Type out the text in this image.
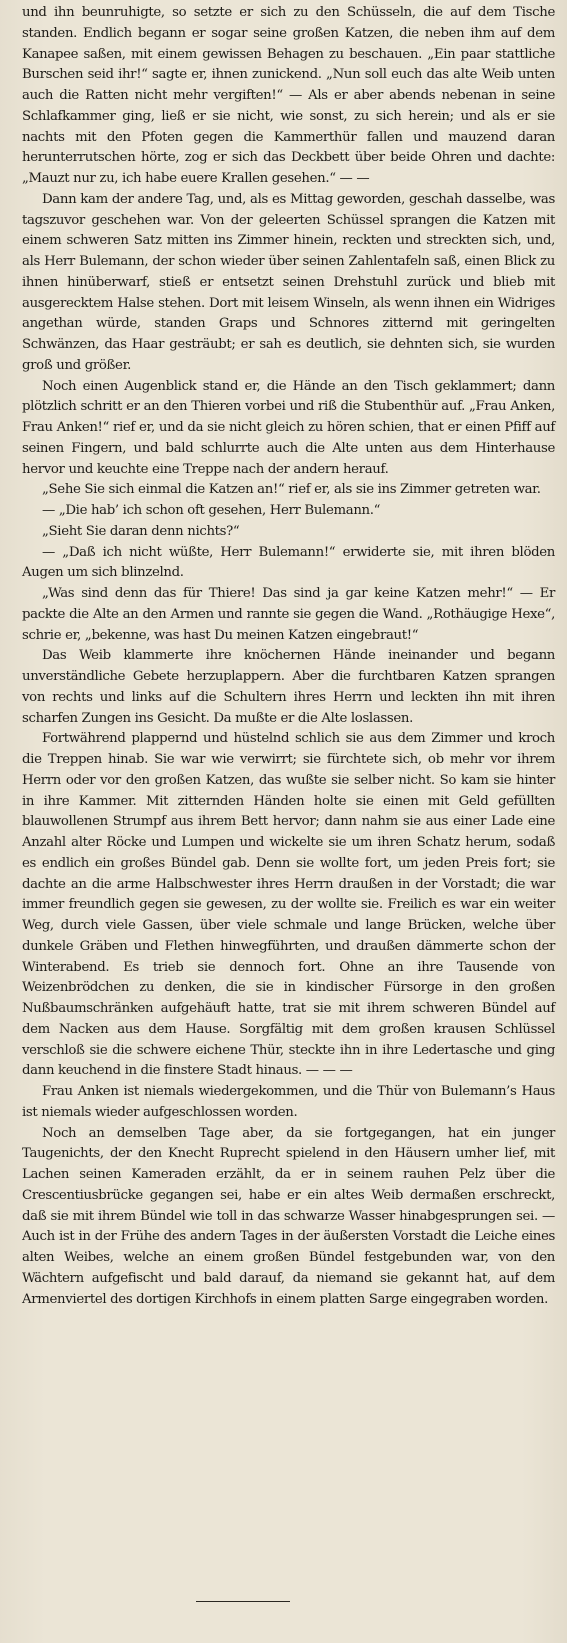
und ihn beunruhigte, so setzte er sich zu den Schüsseln, die auf dem Tische standen. Endlich begann er sogar seine großen Katzen, die neben ihm auf dem Kanapee saßen, mit einem gewissen Behagen zu beschauen. „Ein paar stattliche Burschen seid ihr!“ sagte er, ihnen zunickend. „Nun soll euch das alte Weib unten auch die Ratten nicht mehr vergiften!“ — Als er aber abends nebenan in seine Schlafkammer ging, ließ er sie nicht, wie sonst, zu sich herein; und als er sie nachts mit den Pfoten gegen die Kammerthür fallen und mauzend daran herunterrutschen hörte, zog er sich das Deckbett über beide Ohren und dachte: „Mauzt nur zu, ich habe euere Krallen gesehen.“ — —

Dann kam der andere Tag, und, als es Mittag geworden, geschah dasselbe, was tagszuvor geschehen war. Von der geleerten Schüssel sprangen die Katzen mit einem schweren Satz mitten ins Zimmer hinein, reckten und streckten sich, und, als Herr Bulemann, der schon wieder über seinen Zahlentafeln saß, einen Blick zu ihnen hinüberwarf, stieß er entsetzt seinen Drehstuhl zurück und blieb mit ausgerecktem Halse stehen. Dort mit leisem Winseln, als wenn ihnen ein Widriges angethan würde, standen Graps und Schnores zitternd mit geringelten Schwänzen, das Haar gesträubt; er sah es deutlich, sie dehnten sich, sie wurden groß und größer.

Noch einen Augenblick stand er, die Hände an den Tisch geklammert; dann plötzlich schritt er an den Thieren vorbei und riß die Stubenthür auf. „Frau Anken, Frau Anken!“ rief er, und da sie nicht gleich zu hören schien, that er einen Pfiff auf seinen Fingern, und bald schlurrte auch die Alte unten aus dem Hinterhause hervor und keuchte eine Treppe nach der andern herauf.

„Sehe Sie sich einmal die Katzen an!“ rief er, als sie ins Zimmer getreten war.

— „Die hab’ ich schon oft gesehen, Herr Bulemann.“

„Sieht Sie daran denn nichts?“

— „Daß ich nicht wüßte, Herr Bulemann!“ erwiderte sie, mit ihren blöden Augen um sich blinzelnd.

„Was sind denn das für Thiere! Das sind ja gar keine Katzen mehr!“ — Er packte die Alte an den Armen und rannte sie gegen die Wand. „Rothäugige Hexe“, schrie er, „bekenne, was hast Du meinen Katzen eingebraut!“

Das Weib klammerte ihre knöchernen Hände ineinander und begann unverständliche Gebete herzuplappern. Aber die furchtbaren Katzen sprangen von rechts und links auf die Schultern ihres Herrn und leckten ihn mit ihren scharfen Zungen ins Gesicht. Da mußte er die Alte loslassen.

Fortwährend plappernd und hüstelnd schlich sie aus dem Zimmer und kroch die Treppen hinab. Sie war wie verwirrt; sie fürchtete sich, ob mehr vor ihrem Herrn oder vor den großen Katzen, das wußte sie selber nicht. So kam sie hinter in ihre Kammer. Mit zitternden Händen holte sie einen mit Geld gefüllten blauwollenen Strumpf aus ihrem Bett hervor; dann nahm sie aus einer Lade eine Anzahl alter Röcke und Lumpen und wickelte sie um ihren Schatz herum, sodaß es endlich ein großes Bündel gab. Denn sie wollte fort, um jeden Preis fort; sie dachte an die arme Halbschwester ihres Herrn draußen in der Vorstadt; die war immer freundlich gegen sie gewesen, zu der wollte sie. Freilich es war ein weiter Weg, durch viele Gassen, über viele schmale und lange Brücken, welche über dunkele Gräben und Flethen hinwegführten, und draußen dämmerte schon der Winterabend. Es trieb sie dennoch fort. Ohne an ihre Tausende von Weizenbrödchen zu denken, die sie in kindischer Fürsorge in den großen Nußbaumschränken aufgehäuft hatte, trat sie mit ihrem schweren Bündel auf dem Nacken aus dem Hause. Sorgfältig mit dem großen krausen Schlüssel verschloß sie die schwere eichene Thür, steckte ihn in ihre Ledertasche und ging dann keuchend in die finstere Stadt hinaus. — — —

Frau Anken ist niemals wiedergekommen, und die Thür von Bulemann’s Haus ist niemals wieder aufgeschlossen worden.

Noch an demselben Tage aber, da sie fortgegangen, hat ein junger Taugenichts, der den Knecht Ruprecht spielend in den Häusern umher lief, mit Lachen seinen Kameraden erzählt, da er in seinem rauhen Pelz über die Crescentiusbrücke gegangen sei, habe er ein altes Weib dermaßen erschreckt, daß sie mit ihrem Bündel wie toll in das schwarze Wasser hinabgesprungen sei. — Auch ist in der Frühe des andern Tages in der äußersten Vorstadt die Leiche eines alten Weibes, welche an einem großen Bündel festgebunden war, von den Wächtern aufgefischt und bald darauf, da niemand sie gekannt hat, auf dem Armenviertel des dortigen Kirchhofs in einem platten Sarge eingegraben worden.
